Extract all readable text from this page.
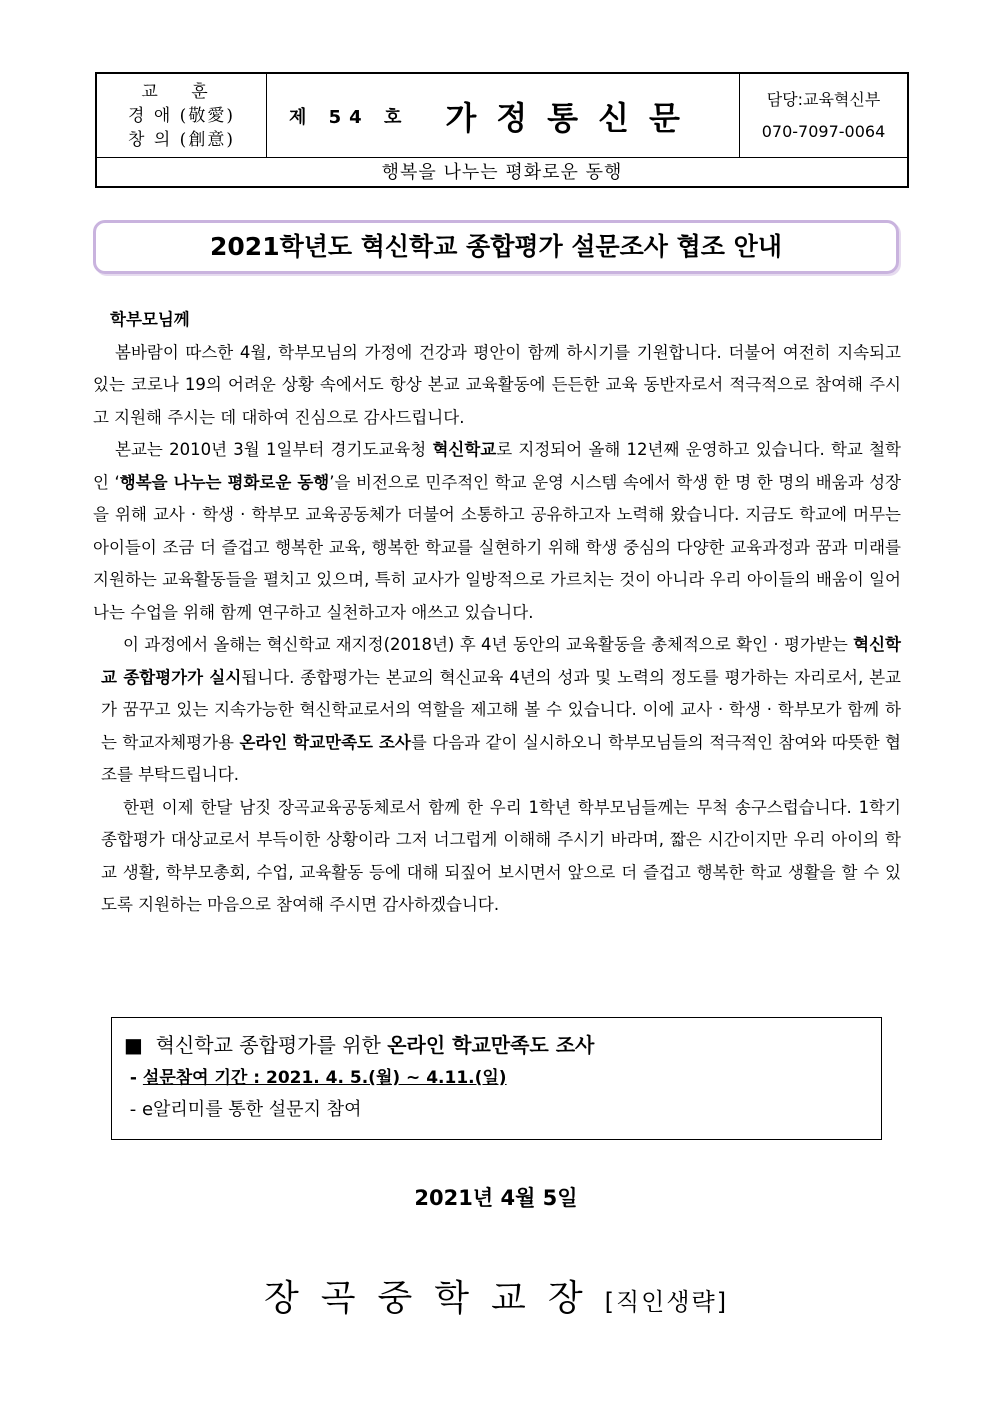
교 훈
경 애 (敬愛)
창 의 (創意)
제 54 호 가정통신문	담당:교육혁신부
070-7097-0064
행복을 나누는 평화로운 동행
2021학년도 혁신학교 종합평가 설문조사 협조 안내
학부모님께

봄바람이 따스한 4월, 학부모님의 가정에 건강과 평안이 함께 하시기를 기원합니다. 더불어 여전히 지속되고 있는 코로나 19의 어려운 상황 속에서도 항상 본교 교육활동에 든든한 교육 동반자로서 적극적으로 참여해 주시고 지원해 주시는 데 대하여 진심으로 감사드립니다.

본교는 2010년 3월 1일부터 경기도교육청 혁신학교로 지정되어 올해 12년째 운영하고 있습니다. 학교 철학인 ‘행복을 나누는 평화로운 동행’을 비전으로 민주적인 학교 운영 시스템 속에서 학생 한 명 한 명의 배움과 성장을 위해 교사 · 학생 · 학부모 교육공동체가 더불어 소통하고 공유하고자 노력해 왔습니다. 지금도 학교에 머무는 아이들이 조금 더 즐겁고 행복한 교육, 행복한 학교를 실현하기 위해 학생 중심의 다양한 교육과정과 꿈과 미래를 지원하는 교육활동들을 펼치고 있으며, 특히 교사가 일방적으로 가르치는 것이 아니라 우리 아이들의 배움이 일어나는 수업을 위해 함께 연구하고 실천하고자 애쓰고 있습니다.

이 과정에서 올해는 혁신학교 재지정(2018년) 후 4년 동안의 교육활동을 총체적으로 확인 · 평가받는 혁신학교 종합평가가 실시됩니다. 종합평가는 본교의 혁신교육 4년의 성과 및 노력의 정도를 평가하는 자리로서, 본교가 꿈꾸고 있는 지속가능한 혁신학교로서의 역할을 제고해 볼 수 있습니다. 이에 교사 · 학생 · 학부모가 함께 하는 학교자체평가용 온라인 학교만족도 조사를 다음과 같이 실시하오니 학부모님들의 적극적인 참여와 따뜻한 협조를 부탁드립니다.

한편 이제 한달 남짓 장곡교육공동체로서 함께 한 우리 1학년 학부모님들께는 무척 송구스럽습니다. 1학기 종합평가 대상교로서 부득이한 상황이라 그저 너그럽게 이해해 주시기 바라며, 짧은 시간이지만 우리 아이의 학교 생활, 학부모총회, 수업, 교육활동 등에 대해 되짚어 보시면서 앞으로 더 즐겁고 행복한 학교 생활을 할 수 있도록 지원하는 마음으로 참여해 주시면 감사하겠습니다.

■ 혁신학교 종합평가를 위한 온라인 학교만족도 조사
- 설문참여 기간 : 2021. 4. 5.(월) ~ 4.11.(일)
- e알리미를 통한 설문지 참여
2021년 4월 5일
장곡중학교장[직인생략]
